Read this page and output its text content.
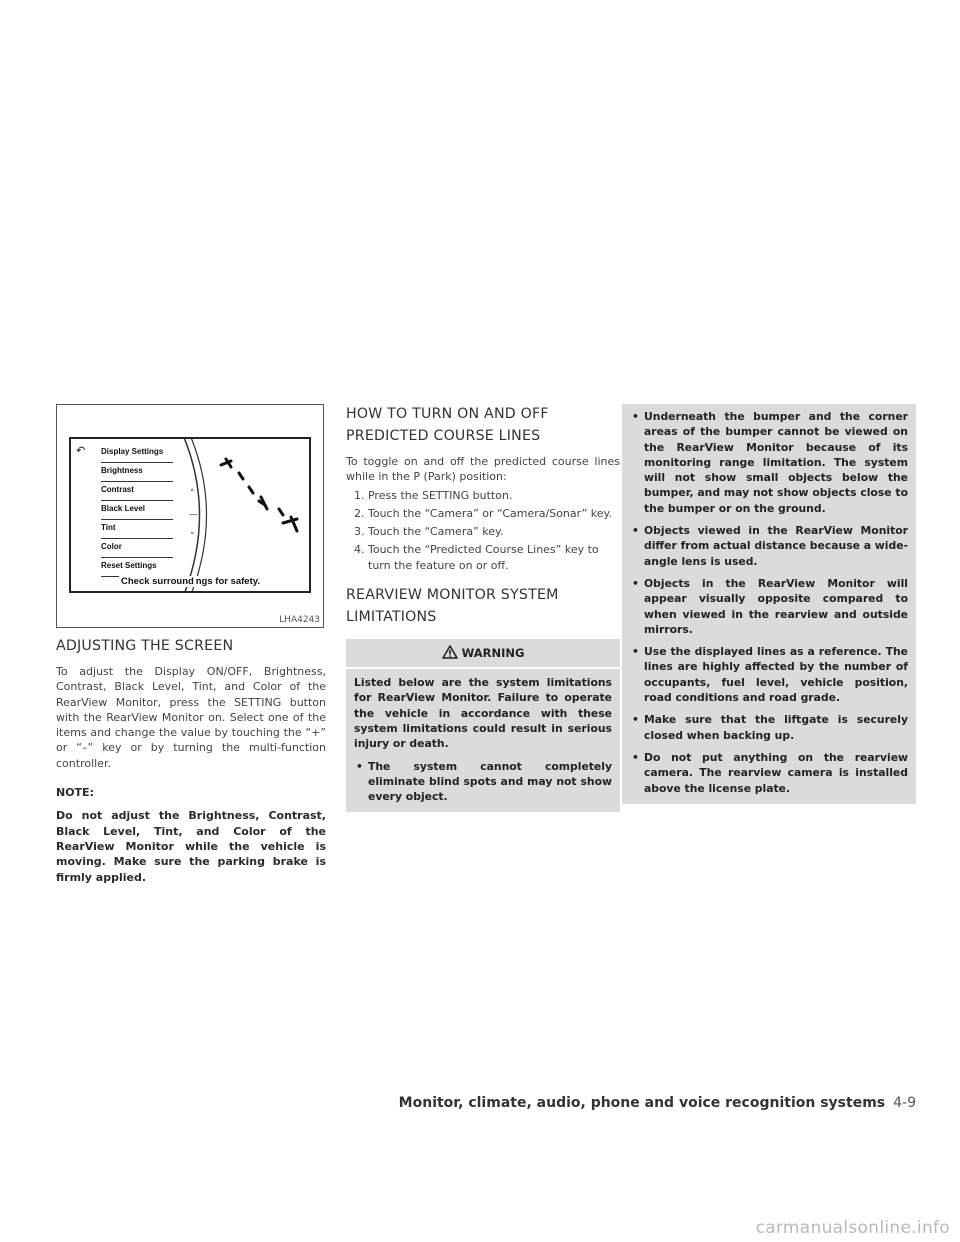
↶ Display Settings
Brightness
Contrast
Black Level
Tint
Color
Reset Settings
˄
—
˅
Check surround ngs for safety.
LHA4243
ADJUSTING THE SCREEN

To adjust the Display ON/OFF, Brightness, Contrast, Black Level, Tint, and Color of the RearView Monitor, press the SETTING button with the RearView Monitor on. Select one of the items and change the value by touching the “+” or “–” key or by turning the multi-function controller.

NOTE:

Do not adjust the Brightness, Contrast, Black Level, Tint, and Color of the RearView Monitor while the vehicle is moving. Make sure the parking brake is firmly applied.

HOW TO TURN ON AND OFF
PREDICTED COURSE LINES

To toggle on and off the predicted course lines while in the P (Park) position:

1. Press the SETTING button.
2. Touch the “Camera” or “Camera/Sonar” key.
3. Touch the “Camera” key.
4. Touch the “Predicted Course Lines” key to turn the feature on or off.
REARVIEW MONITOR SYSTEM
LIMITATIONS
WARNING

Listed below are the system limitations for RearView Monitor. Failure to operate the vehicle in accordance with these system limitations could result in serious injury or death.

• The system cannot completely eliminate blind spots and may not show every object.
• Underneath the bumper and the corner areas of the bumper cannot be viewed on the RearView Monitor because of its monitoring range limitation. The system will not show small objects below the bumper, and may not show objects close to the bumper or on the ground.
• Objects viewed in the RearView Monitor differ from actual distance because a wide-angle lens is used.
• Objects in the RearView Monitor will appear visually opposite compared to when viewed in the rearview and outside mirrors.
• Use the displayed lines as a reference. The lines are highly affected by the number of occupants, fuel level, vehicle position, road conditions and road grade.
• Make sure that the liftgate is securely closed when backing up.
• Do not put anything on the rearview camera. The rearview camera is installed above the license plate.
Monitor, climate, audio, phone and voice recognition systems 4-9
carmanualsonline.info
